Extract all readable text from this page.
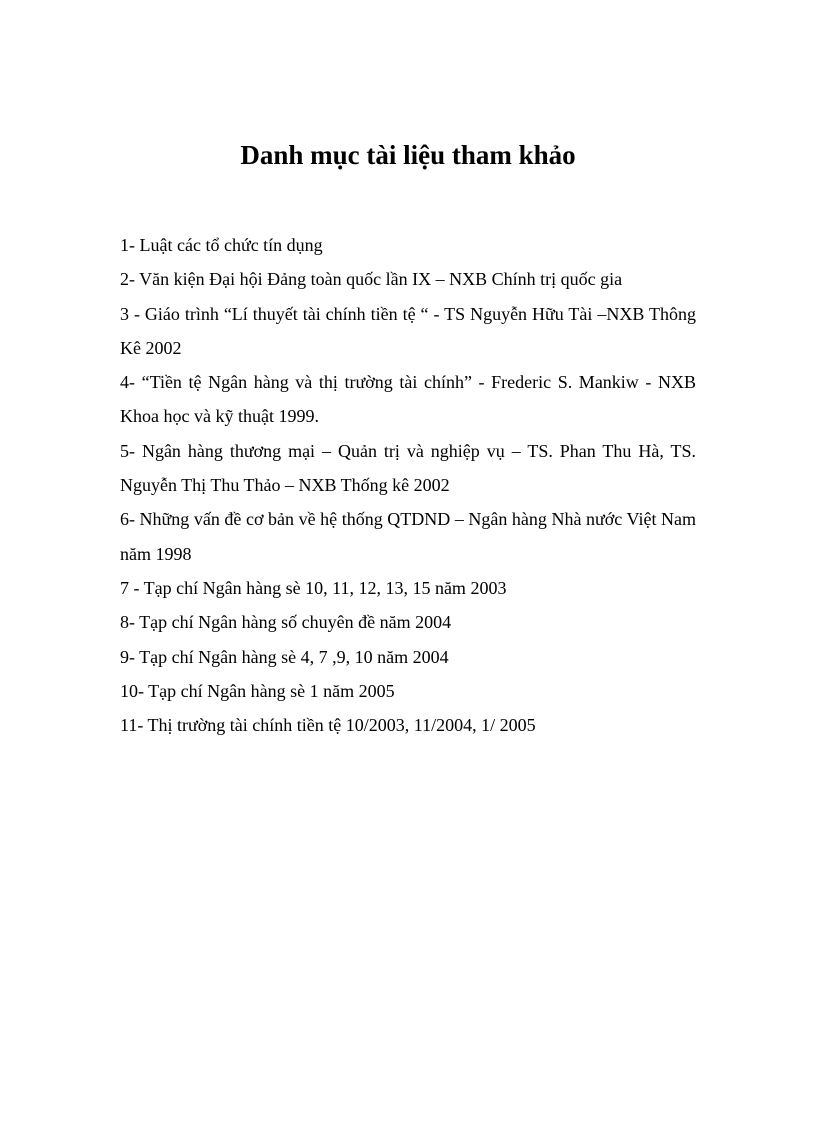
Danh mục tài liệu tham khảo
1- Luật các tổ chức tín dụng
2- Văn kiện Đại hội Đảng toàn quốc lần IX – NXB Chính trị quốc gia
3 - Giáo trình “Lí thuyết tài chính tiền tệ “ - TS Nguyễn Hữu Tài –NXB Thông Kê 2002
4- “Tiền tệ Ngân hàng và thị trường tài chính” - Frederic S. Mankiw - NXB Khoa học và kỹ thuật 1999.
5- Ngân hàng thương mại – Quản trị và nghiệp vụ – TS. Phan Thu Hà, TS. Nguyễn Thị Thu Thảo – NXB Thống kê 2002
6- Những vấn đề cơ bản về hệ thống QTDND – Ngân hàng Nhà nước Việt Nam năm 1998
7 - Tạp chí Ngân hàng sè 10, 11, 12, 13, 15 năm 2003
8- Tạp chí Ngân hàng số chuyên đề năm 2004
9- Tạp chí Ngân hàng sè 4, 7 ,9, 10 năm 2004
10- Tạp chí Ngân hàng sè 1 năm 2005
11- Thị trường tài chính tiền tệ 10/2003, 11/2004, 1/ 2005
